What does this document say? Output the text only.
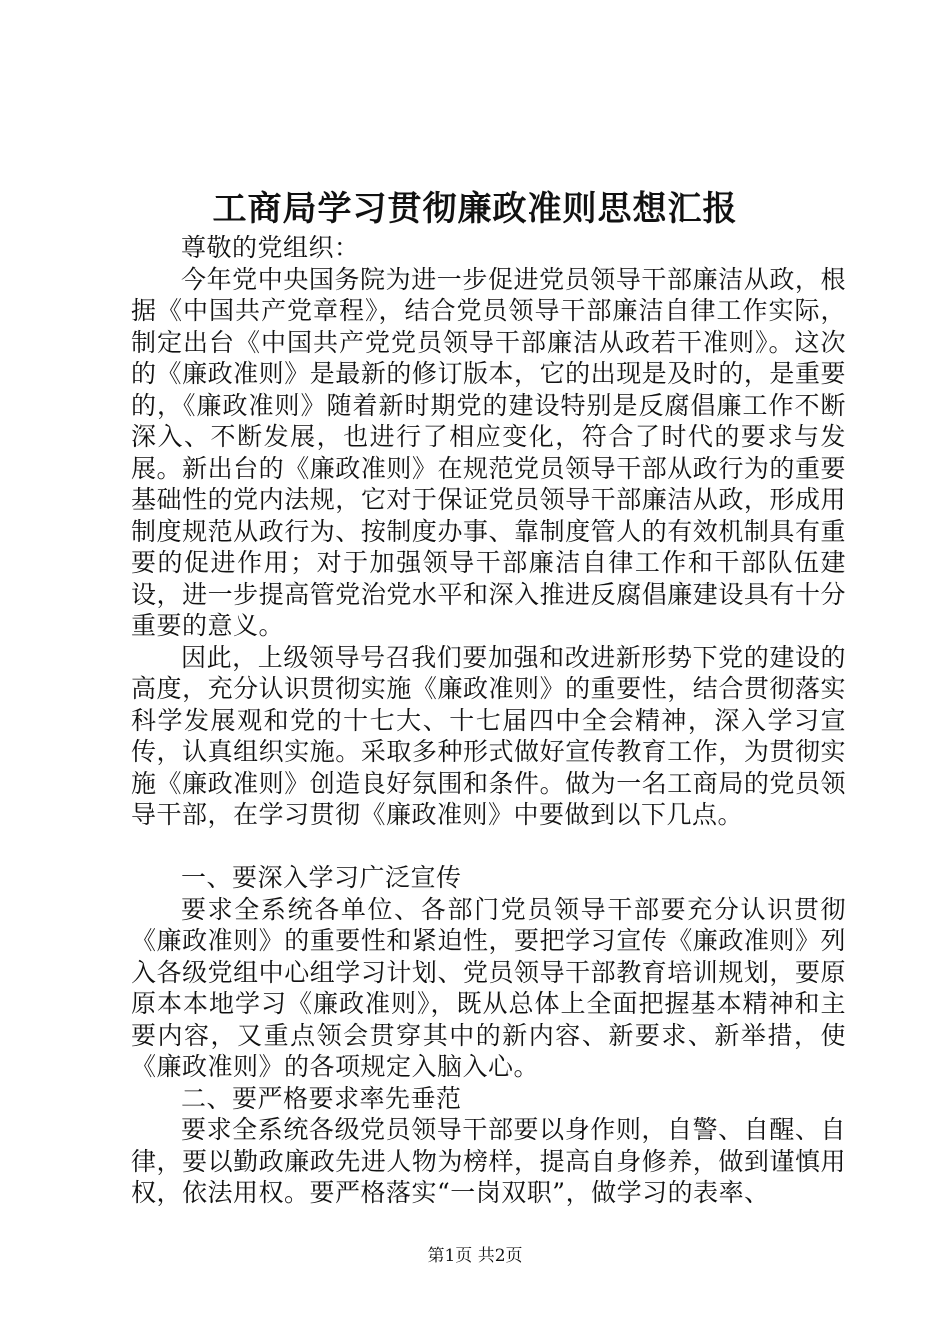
工商局学习贯彻廉政准则思想汇报

尊敬的党组织：

今年党中央国务院为进一步促进党员领导干部廉洁从政，根据《中国共产党章程》，结合党员领导干部廉洁自律工作实际，制定出台《中国共产党党员领导干部廉洁从政若干准则》。这次的《廉政准则》是最新的修订版本，它的出现是及时的，是重要的，《廉政准则》随着新时期党的建设特别是反腐倡廉工作不断深入、不断发展，也进行了相应变化，符合了时代的要求与发展。新出台的《廉政准则》在规范党员领导干部从政行为的重要基础性的党内法规，它对于保证党员领导干部廉洁从政，形成用制度规范从政行为、按制度办事、靠制度管人的有效机制具有重要的促进作用；对于加强领导干部廉洁自律工作和干部队伍建设，进一步提高管党治党水平和深入推进反腐倡廉建设具有十分重要的意义。

因此，上级领导号召我们要加强和改进新形势下党的建设的高度，充分认识贯彻实施《廉政准则》的重要性，结合贯彻落实科学发展观和党的十七大、十七届四中全会精神，深入学习宣传，认真组织实施。采取多种形式做好宣传教育工作，为贯彻实施《廉政准则》创造良好氛围和条件。做为一名工商局的党员领导干部，在学习贯彻《廉政准则》中要做到以下几点。

一、要深入学习广泛宣传

要求全系统各单位、各部门党员领导干部要充分认识贯彻《廉政准则》的重要性和紧迫性，要把学习宣传《廉政准则》列入各级党组中心组学习计划、党员领导干部教育培训规划，要原原本本地学习《廉政准则》，既从总体上全面把握基本精神和主要内容，又重点领会贯穿其中的新内容、新要求、新举措，使《廉政准则》的各项规定入脑入心。

二、要严格要求率先垂范

要求全系统各级党员领导干部要以身作则，自警、自醒、自律，要以勤政廉政先进人物为榜样，提高自身修养，做到谨慎用权，依法用权。要严格落实“一岗双职”，做学习的表率、

第1页 共2页
